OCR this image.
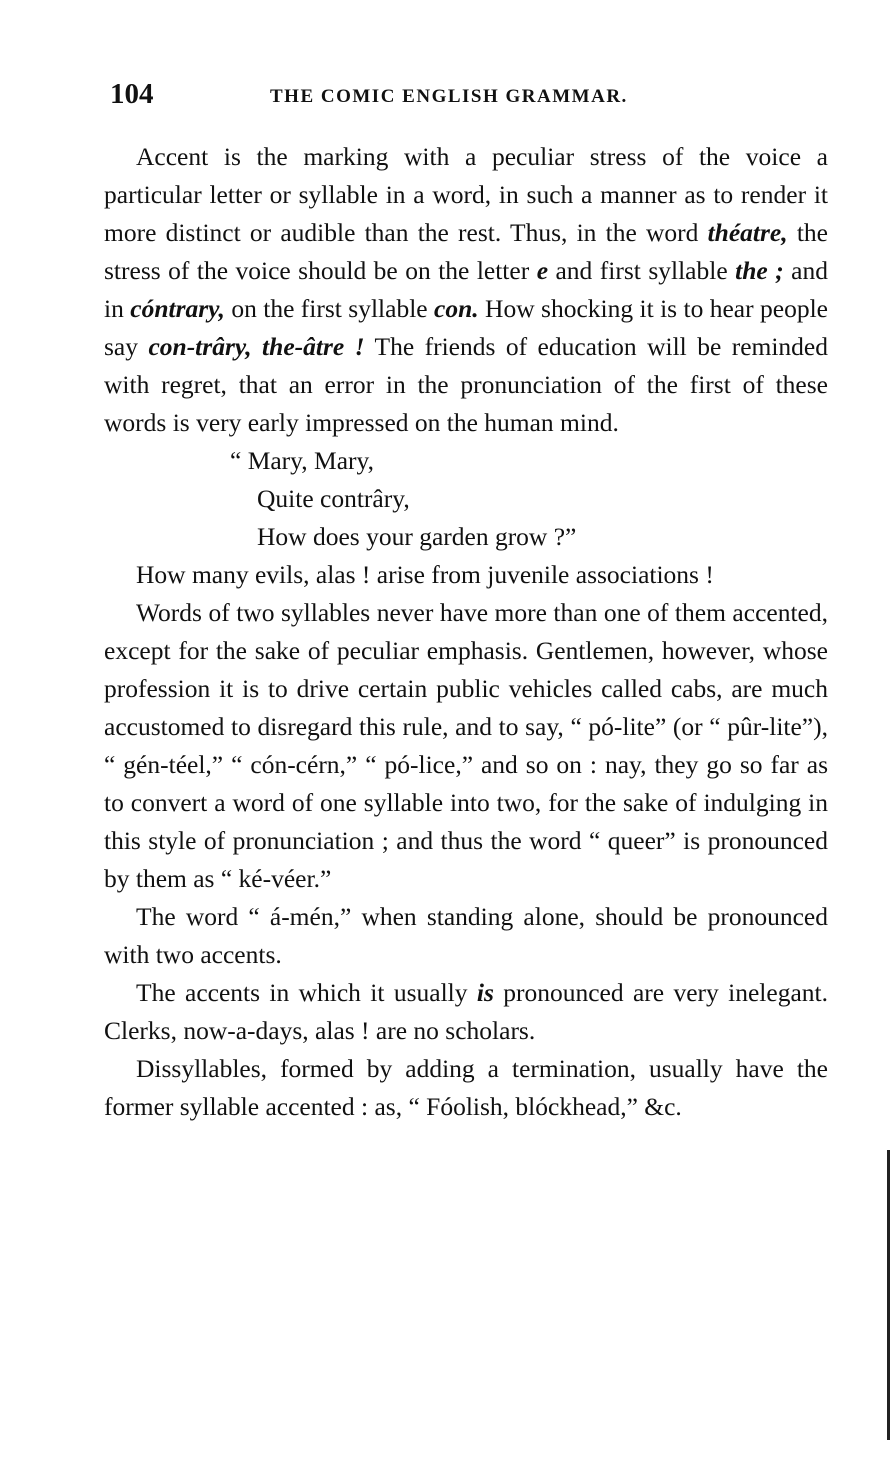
104	THE COMIC ENGLISH GRAMMAR.

Accent is the marking with a peculiar stress of the voice a particular letter or syllable in a word, in such a manner as to render it more distinct or audible than the rest. Thus, in the word théatre, the stress of the voice should be on the letter e and first syllable the ; and in cóntrary, on the first syllable con. How shocking it is to hear people say con-trâry, the-âtre ! The friends of education will be reminded with regret, that an error in the pronunciation of the first of these words is very early impressed on the human mind.

“ Mary, Mary,
Quite contrâry,
How does your garden grow ?”

How many evils, alas ! arise from juvenile associations !

Words of two syllables never have more than one of them accented, except for the sake of peculiar emphasis. Gentlemen, however, whose profession it is to drive certain public vehicles called cabs, are much accustomed to disregard this rule, and to say, “ pó-lite” (or “ pûr-lite”), “ gén-téel,” “ cón-cérn,” “ pó-lice,” and so on : nay, they go so far as to convert a word of one syllable into two, for the sake of indulging in this style of pronunciation ; and thus the word “ queer” is pronounced by them as “ ké-véer.”

The word “ á-mén,” when standing alone, should be pronounced with two accents.

The accents in which it usually is pronounced are very inelegant. Clerks, now-a-days, alas ! are no scholars.

Dissyllables, formed by adding a termination, usually have the former syllable accented : as, “ Fóolish, blóckhead,” &c.
